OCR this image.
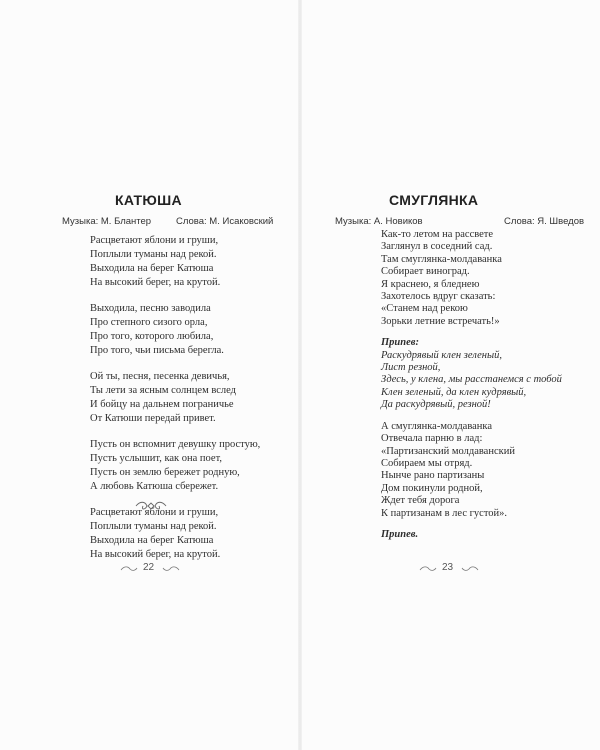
КАТЮША
Музыка: М. Блантер	Слова: М. Исаковский
Расцветают яблони и груши,
Поплыли туманы над рекой.
Выходила на берег Катюша
На высокий берег, на крутой.
Выходила, песню заводила
Про степного сизого орла,
Про того, которого любила,
Про того, чьи письма берегла.
Ой ты, песня, песенка девичья,
Ты лети за ясным солнцем вслед
И бойцу на дальнем пограничье
От Катюши передай привет.
Пусть он вспомнит девушку простую,
Пусть услышит, как она поет,
Пусть он землю бережет родную,
А любовь Катюша сбережет.
Расцветают яблони и груши,
Поплыли туманы над рекой.
Выходила на берег Катюша
На высокий берег, на крутой.
22
СМУГЛЯНКА
Музыка: А. Новиков	Слова: Я. Шведов
Как-то летом на рассвете
Заглянул в соседний сад.
Там смуглянка-молдаванка
Собирает виноград.
Я краснею, я бледнею
Захотелось вдруг сказать:
«Станем над рекою
Зорьки летние встречать!»
Припев:
Раскудрявый клен зеленый,
Лист резной,
Здесь, у клена, мы расстанемся с тобой
Клен зеленый, да клен кудрявый,
Да раскудрявый, резной!
А смуглянка-молдаванка
Отвечала парню в лад:
«Партизанский молдаванский
Собираем мы отряд.
Нынче рано партизаны
Дом покинули родной,
Ждет тебя дорога
К партизанам в лес густой».
Припев.
23
